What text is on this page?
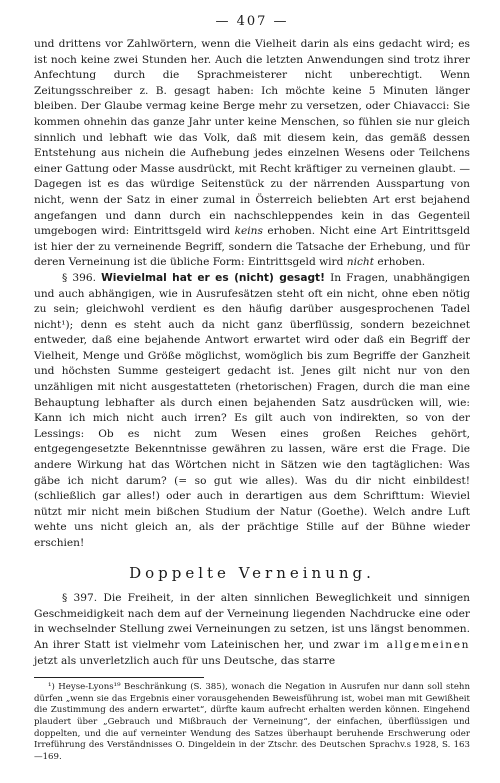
— 407 —

und drittens vor Zahlwörtern, wenn die Vielheit darin als eins gedacht wird; es ist noch keine zwei Stunden her. Auch die letzten Anwendungen sind trotz ihrer Anfechtung durch die Sprachmeisterer nicht unberechtigt. Wenn Zeitungsschreiber z. B. gesagt haben: Ich möchte keine 5 Minuten länger bleiben. Der Glaube vermag keine Berge mehr zu versetzen, oder Chiavacci: Sie kommen ohnehin das ganze Jahr unter keine Menschen, so fühlen sie nur gleich sinnlich und lebhaft wie das Volk, daß mit diesem kein, das gemäß dessen Entstehung aus nichein die Aufhebung jedes einzelnen Wesens oder Teilchens einer Gattung oder Masse ausdrückt, mit Recht kräftiger zu verneinen glaubt. —Dagegen ist es das würdige Seitenstück zu der närrenden Ausspartung von nicht, wenn der Satz in einer zumal in Österreich beliebten Art erst bejahend angefangen und dann durch ein nachschleppendes kein in das Gegenteil umgebogen wird: Eintrittsgeld wird keins erhoben. Nicht eine Art Eintrittsgeld ist hier der zu verneinende Begriff, sondern die Tatsache der Erhebung, und für deren Verneinung ist die übliche Form: Eintrittsgeld wird nicht erhoben.

§ 396. Wievielmal hat er es (nicht) gesagt! In Fragen, unabhängigen und auch abhängigen, wie in Ausrufesätzen steht oft ein nicht, ohne eben nötig zu sein; gleichwohl verdient es den häufig darüber ausgesprochenen Tadel nicht¹); denn es steht auch da nicht ganz überflüssig, sondern bezeichnet entweder, daß eine bejahende Antwort erwartet wird oder daß ein Begriff der Vielheit, Menge und Größe möglichst, womöglich bis zum Begriffe der Ganzheit und höchsten Summe gesteigert gedacht ist. Jenes gilt nicht nur von den unzähligen mit nicht ausgestatteten (rhetorischen) Fragen, durch die man eine Behauptung lebhafter als durch einen bejahenden Satz ausdrücken will, wie: Kann ich mich nicht auch irren? Es gilt auch von indirekten, so von der Lessings: Ob es nicht zum Wesen eines großen Reiches gehört, entgegengesetzte Bekenntnisse gewähren zu lassen, wäre erst die Frage. Die andere Wirkung hat das Wörtchen nicht in Sätzen wie den tagtäglichen: Was gäbe ich nicht darum? (= so gut wie alles). Was du dir nicht einbildest! (schließlich gar alles!) oder auch in derartigen aus dem Schrifttum: Wieviel nützt mir nicht mein bißchen Studium der Natur (Goethe). Welch andre Luft wehte uns nicht gleich an, als der prächtige Stille auf der Bühne wieder erschien!

Doppelte Verneinung.

§ 397. Die Freiheit, in der alten sinnlichen Beweglichkeit und sinnigen Geschmeidigkeit nach dem auf der Verneinung liegenden Nachdrucke eine oder in wechselnder Stellung zwei Verneinungen zu setzen, ist uns längst benommen. An ihrer Statt ist vielmehr vom Lateinischen her, und zwar im allgemeinen jetzt als unverletzlich auch für uns Deutsche, das starre

¹) Heyse-Lyons¹⁹ Beschränkung (S. 385), wonach die Negation in Ausrufen nur dann soll stehn dürfen „wenn sie das Ergebnis einer vorausgehenden Beweisführung ist, wobei man mit Gewißheit die Zustimmung des andern erwartet“, dürfte kaum aufrecht erhalten werden können. Eingehend plaudert über „Gebrauch und Mißbrauch der Verneinung“, der einfachen, überflüssigen und doppelten, und die auf verneinter Wendung des Satzes überhaupt beruhende Erschwerung oder Irreführung des Verständnisses O. Dingeldein in der Ztschr. des Deutschen Sprachv.s 1928, S. 163—169.
